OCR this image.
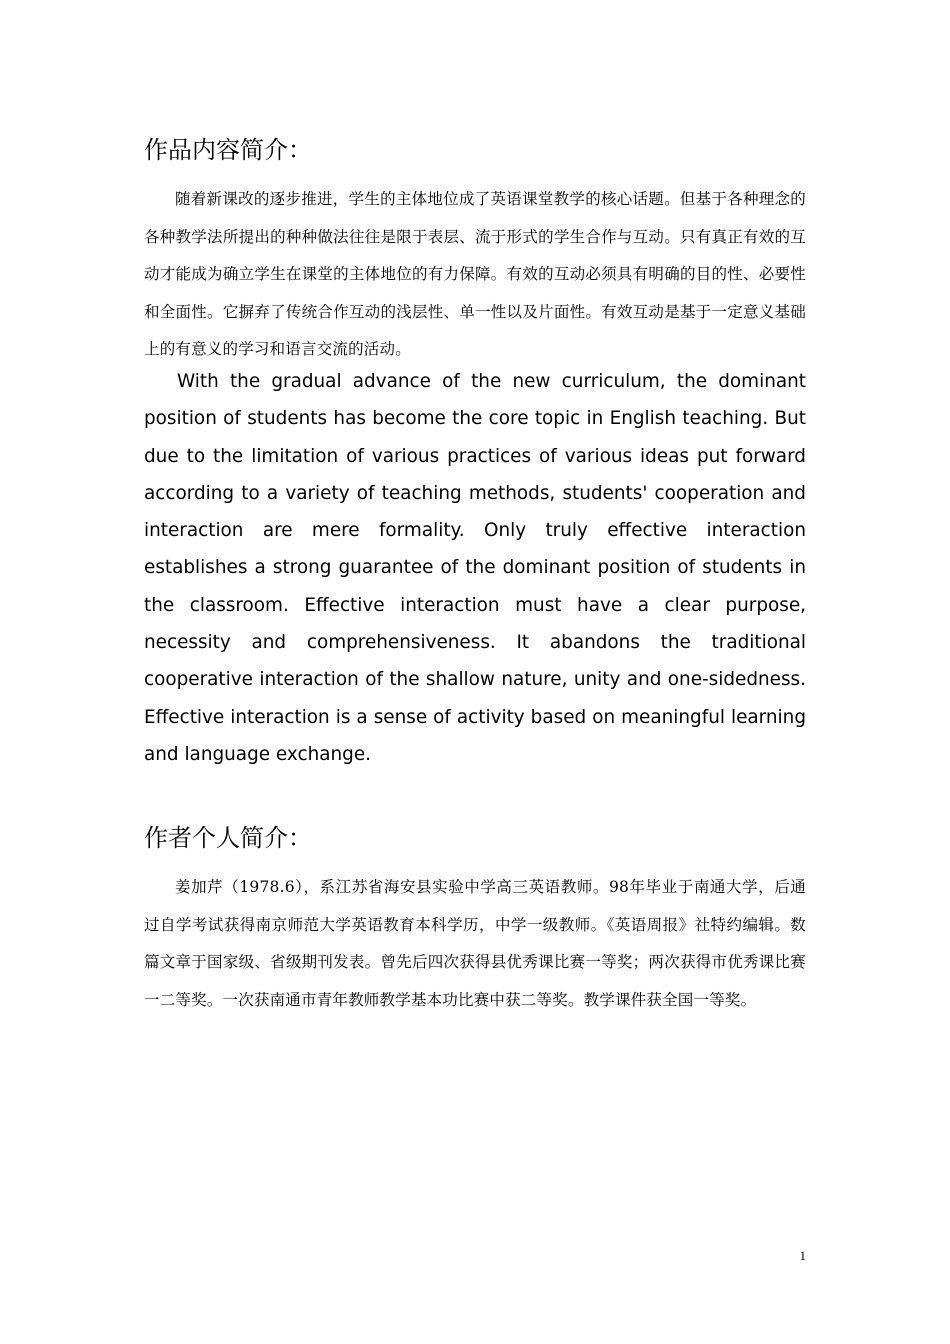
作品内容简介：

随着新课改的逐步推进，学生的主体地位成了英语课堂教学的核心话题。但基于各种理念的各种教学法所提出的种种做法往往是限于表层、流于形式的学生合作与互动。只有真正有效的互动才能成为确立学生在课堂的主体地位的有力保障。有效的互动必须具有明确的目的性、必要性和全面性。它摒弃了传统合作互动的浅层性、单一性以及片面性。有效互动是基于一定意义基础上的有意义的学习和语言交流的活动。

With the gradual advance of the new curriculum, the dominant position of students has become the core topic in English teaching. But due to the limitation of various practices of various ideas put forward according to a variety of teaching methods, students' cooperation and interaction are mere formality. Only truly effective interaction establishes a strong guarantee of the dominant position of students in the classroom. Effective interaction must have a clear purpose, necessity and comprehensiveness. It abandons the traditional cooperative interaction of the shallow nature, unity and one-sidedness. Effective interaction is a sense of activity based on meaningful learning and language exchange.

作者个人简介：

姜加芹（1978.6），系江苏省海安县实验中学高三英语教师。98年毕业于南通大学，后通过自学考试获得南京师范大学英语教育本科学历，中学一级教师。《英语周报》社特约编辑。数篇文章于国家级、省级期刊发表。曾先后四次获得县优秀课比赛一等奖；两次获得市优秀课比赛一二等奖。一次获南通市青年教师教学基本功比赛中获二等奖。教学课件获全国一等奖。

1
